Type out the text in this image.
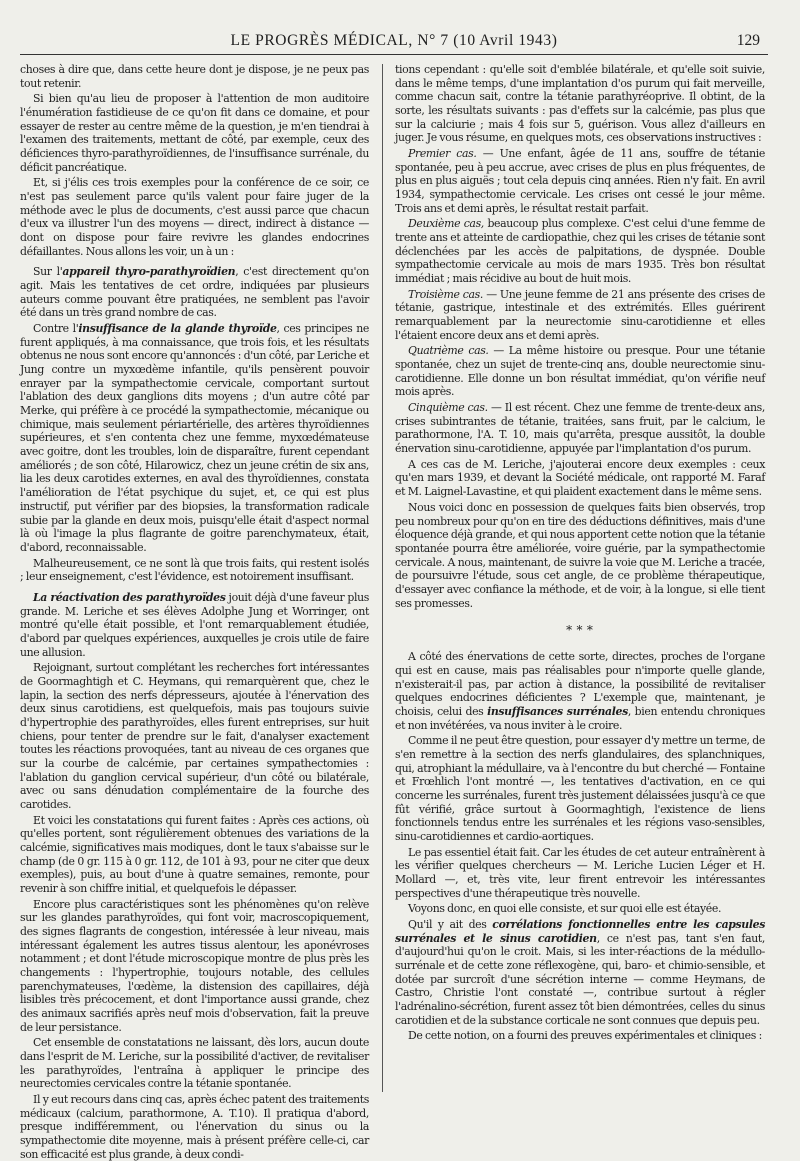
LE PROGRÈS MÉDICAL, N° 7 (10 Avril 1943)	129

choses à dire que, dans cette heure dont je dispose, je ne peux pas tout retenir.

Si bien qu'au lieu de proposer à l'attention de mon auditoire l'énumération fastidieuse de ce qu'on fit dans ce domaine, et pour essayer de rester au centre même de la question, je m'en tiendrai à l'examen des traitements, mettant de côté, par exemple, ceux des déficiences thyro-parathyroïdiennes, de l'insuffisance surrénale, du déficit pancréatique.

Et, si j'élis ces trois exemples pour la conférence de ce soir, ce n'est pas seulement parce qu'ils valent pour faire juger de la méthode avec le plus de documents, c'est aussi parce que chacun d'eux va illustrer l'un des moyens — direct, indirect à distance — dont on dispose pour faire revivre les glandes endocrines défaillantes. Nous allons les voir, un à un :

Sur l'appareil thyro-parathyroïdien, c'est directement qu'on agit. Mais les tentatives de cet ordre, indiquées par plusieurs auteurs comme pouvant être pratiquées, ne semblent pas l'avoir été dans un très grand nombre de cas.

Contre l'insuffisance de la glande thyroïde, ces principes ne furent appliqués, à ma connaissance, que trois fois, et les résultats obtenus ne nous sont encore qu'annoncés : d'un côté, par Leriche et Jung contre un myxœdème infantile, qu'ils pensèrent pouvoir enrayer par la sympathectomie cervicale, comportant surtout l'ablation des deux ganglions dits moyens ; d'un autre côté par Merke, qui préfère à ce procédé la sympathectomie, mécanique ou chimique, mais seulement périartérielle, des artères thyroïdiennes supérieures, et s'en contenta chez une femme, myxœdémateuse avec goitre, dont les troubles, loin de disparaître, furent cependant améliorés ; de son côté, Hilarowicz, chez un jeune crétin de six ans, lia les deux carotides externes, en aval des thyroïdiennes, constata l'amélioration de l'état psychique du sujet, et, ce qui est plus instructif, put vérifier par des biopsies, la transformation radicale subie par la glande en deux mois, puisqu'elle était d'aspect normal là où l'image la plus flagrante de goitre parenchymateux, était, d'abord, reconnaissable.

Malheureusement, ce ne sont là que trois faits, qui restent isolés ; leur enseignement, c'est l'évidence, est notoirement insuffisant.

La réactivation des parathyroïdes jouit déjà d'une faveur plus grande. M. Leriche et ses élèves Adolphe Jung et Worringer, ont montré qu'elle était possible, et l'ont remarquablement étudiée, d'abord par quelques expériences, auxquelles je crois utile de faire une allusion.

Rejoignant, surtout complétant les recherches fort intéressantes de Goormaghtigh et C. Heymans, qui remarquèrent que, chez le lapin, la section des nerfs dépresseurs, ajoutée à l'énervation des deux sinus carotidiens, est quelquefois, mais pas toujours suivie d'hypertrophie des parathyroïdes, elles furent entreprises, sur huit chiens, pour tenter de prendre sur le fait, d'analyser exactement toutes les réactions provoquées, tant au niveau de ces organes que sur la courbe de calcémie, par certaines sympathectomies : l'ablation du ganglion cervical supérieur, d'un côté ou bilatérale, avec ou sans dénudation complémentaire de la fourche des carotides.

Et voici les constatations qui furent faites : Après ces actions, où qu'elles portent, sont régulièrement obtenues des variations de la calcémie, significatives mais modiques, dont le taux s'abaisse sur le champ (de 0 gr. 115 à 0 gr. 112, de 101 à 93, pour ne citer que deux exemples), puis, au bout d'une à quatre semaines, remonte, pour revenir à son chiffre initial, et quelquefois le dépasser.

Encore plus caractéristiques sont les phénomènes qu'on relève sur les glandes parathyroïdes, qui font voir, macroscopiquement, des signes flagrants de congestion, intéressée à leur niveau, mais intéressant également les autres tissus alentour, les aponévroses notamment ; et dont l'étude microscopique montre de plus près les changements : l'hypertrophie, toujours notable, des cellules parenchymateuses, l'œdème, la distension des capillaires, déjà lisibles très précocement, et dont l'importance aussi grande, chez des animaux sacrifiés après neuf mois d'observation, fait la preuve de leur persistance.

Cet ensemble de constatations ne laissant, dès lors, aucun doute dans l'esprit de M. Leriche, sur la possibilité d'activer, de revitaliser les parathyroïdes, l'entraîna à appliquer le principe des neurectomies cervicales contre la tétanie spontanée.

Il y eut recours dans cinq cas, après échec patent des traitements médicaux (calcium, parathormone, A. T.10). Il pratiqua d'abord, presque indifféremment, ou l'énervation du sinus ou la sympathectomie dite moyenne, mais à présent préfère celle-ci, car son efficacité est plus grande, à deux condi-

tions cependant : qu'elle soit d'emblée bilatérale, et qu'elle soit suivie, dans le même temps, d'une implantation d'os purum qui fait merveille, comme chacun sait, contre la tétanie parathyréoprive. Il obtint, de la sorte, les résultats suivants : pas d'effets sur la calcémie, pas plus que sur la calciurie ; mais 4 fois sur 5, guérison. Vous allez d'ailleurs en juger. Je vous résume, en quelques mots, ces observations instructives :

Premier cas. — Une enfant, âgée de 11 ans, souffre de tétanie spontanée, peu à peu accrue, avec crises de plus en plus fréquentes, de plus en plus aiguës ; tout cela depuis cinq années. Rien n'y fait. En avril 1934, sympathectomie cervicale. Les crises ont cessé le jour même. Trois ans et demi après, le résultat restait parfait.

Deuxième cas, beaucoup plus complexe. C'est celui d'une femme de trente ans et atteinte de cardiopathie, chez qui les crises de tétanie sont déclenchées par les accès de palpitations, de dyspnée. Double sympathectomie cervicale au mois de mars 1935. Très bon résultat immédiat ; mais récidive au bout de huit mois.

Troisième cas. — Une jeune femme de 21 ans présente des crises de tétanie, gastrique, intestinale et des extrémités. Elles guérirent remarquablement par la neurectomie sinu-carotidienne et elles l'étaient encore deux ans et demi après.

Quatrième cas. — La même histoire ou presque. Pour une tétanie spontanée, chez un sujet de trente-cinq ans, double neurectomie sinu-carotidienne. Elle donne un bon résultat immédiat, qu'on vérifie neuf mois après.

Cinquième cas. — Il est récent. Chez une femme de trente-deux ans, crises subintrantes de tétanie, traitées, sans fruit, par le calcium, le parathormone, l'A. T. 10, mais qu'arrêta, presque aussitôt, la double énervation sinu-carotidienne, appuyée par l'implantation d'os purum.

A ces cas de M. Leriche, j'ajouterai encore deux exemples : ceux qu'en mars 1939, et devant la Société médicale, ont rapporté M. Faraf et M. Laignel-Lavastine, et qui plaident exactement dans le même sens.

Nous voici donc en possession de quelques faits bien observés, trop peu nombreux pour qu'on en tire des déductions définitives, mais d'une éloquence déjà grande, et qui nous apportent cette notion que la tétanie spontanée pourra être améliorée, voire guérie, par la sympathectomie cervicale. A nous, maintenant, de suivre la voie que M. Leriche a tracée, de poursuivre l'étude, sous cet angle, de ce problème thérapeutique, d'essayer avec confiance la méthode, et de voir, à la longue, si elle tient ses promesses.

* * *

A côté des énervations de cette sorte, directes, proches de l'organe qui est en cause, mais pas réalisables pour n'importe quelle glande, n'existerait-il pas, par action à distance, la possibilité de revitaliser quelques endocrines déficientes ? L'exemple que, maintenant, je choisis, celui des insuffisances surrénales, bien entendu chroniques et non invétérées, va nous inviter à le croire.

Comme il ne peut être question, pour essayer d'y mettre un terme, de s'en remettre à la section des nerfs glandulaires, des splanchniques, qui, atrophiant la médullaire, va à l'encontre du but cherché — Fontaine et Frœhlich l'ont montré —, les tentatives d'activation, en ce qui concerne les surrénales, furent très justement délaissées jusqu'à ce que fût vérifié, grâce surtout à Goormaghtigh, l'existence de liens fonctionnels tendus entre les surrénales et les régions vaso-sensibles, sinu-carotidiennes et cardio-aortiques.

Le pas essentiel était fait. Car les études de cet auteur entraînèrent à les vérifier quelques chercheurs — M. Leriche Lucien Léger et H. Mollard —, et, très vite, leur firent entrevoir les intéressantes perspectives d'une thérapeutique très nouvelle.

Voyons donc, en quoi elle consiste, et sur quoi elle est étayée.

Qu'il y ait des corrélations fonctionnelles entre les capsules surrénales et le sinus carotidien, ce n'est pas, tant s'en faut, d'aujourd'hui qu'on le croit. Mais, si les inter-réactions de la médullo-surrénale et de cette zone réflexogène, qui, baro- et chimio-sensible, et dotée par surcroît d'une sécrétion interne — comme Heymans, de Castro, Christie l'ont constaté —, contribue surtout à régler l'adrénalino-sécrétion, furent assez tôt bien démontrées, celles du sinus carotidien et de la substance corticale ne sont connues que depuis peu.

De cette notion, on a fourni des preuves expérimentales et cliniques :
